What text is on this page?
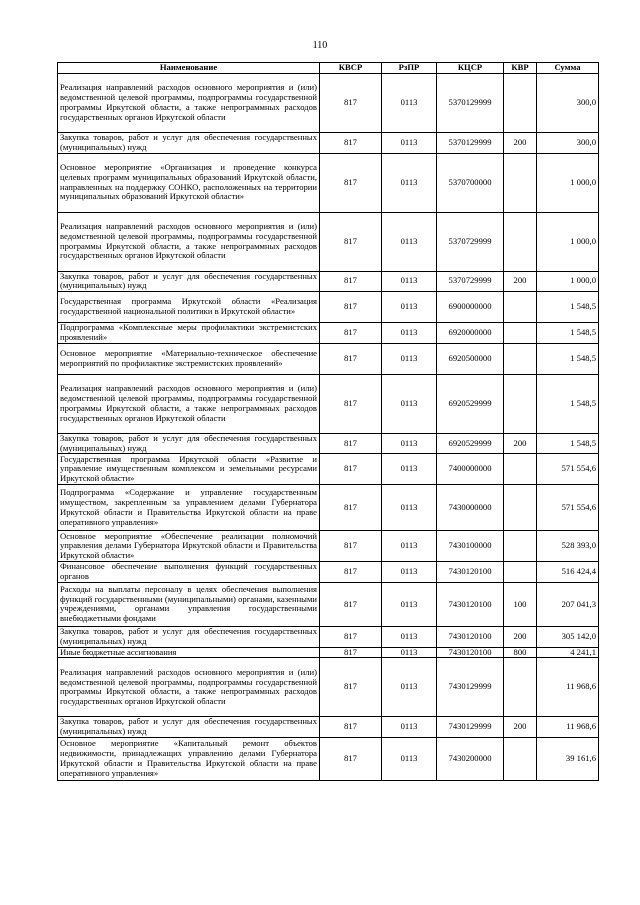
110
Наименование	КВСР	РзПР	КЦСР	КВР	Сумма
Реализация направлений расходов основного мероприятия и (или) ведомственной целевой программы, подпрограммы государственной программы Иркутской области, а также непрограммных расходов государственных органов Иркутской области	817	0113	5370129999		300,0
Закупка товаров, работ и услуг для обеспечения государственных (муниципальных) нужд	817	0113	5370129999	200	300,0
Основное мероприятие «Организация и проведение конкурса целевых программ муниципальных образований Иркутской области, направленных на поддержку СОНКО, расположенных на территории муниципальных образований Иркутской области»	817	0113	5370700000		1 000,0
Реализация направлений расходов основного мероприятия и (или) ведомственной целевой программы, подпрограммы государственной программы Иркутской области, а также непрограммных расходов государственных органов Иркутской области	817	0113	5370729999		1 000,0
Закупка товаров, работ и услуг для обеспечения государственных (муниципальных) нужд	817	0113	5370729999	200	1 000,0
Государственная программа Иркутской области «Реализация государственной национальной политики в Иркутской области»	817	0113	6900000000		1 548,5
Подпрограмма «Комплексные меры профилактики экстремистских проявлений»	817	0113	6920000000		1 548,5
Основное мероприятие «Материально-техническое обеспечение мероприятий по профилактике экстремистских проявлений»	817	0113	6920500000		1 548,5
Реализация направлений расходов основного мероприятия и (или) ведомственной целевой программы, подпрограммы государственной программы Иркутской области, а также непрограммных расходов государственных органов Иркутской области	817	0113	6920529999		1 548,5
Закупка товаров, работ и услуг для обеспечения государственных (муниципальных) нужд	817	0113	6920529999	200	1 548,5
Государственная программа Иркутской области «Развитие и управление имущественным комплексом и земельными ресурсами Иркутской области»	817	0113	7400000000		571 554,6
Подпрограмма «Содержание и управление государственным имуществом, закрепленным за управлением делами Губернатора Иркутской области и Правительства Иркутской области на праве оперативного управления»	817	0113	7430000000		571 554,6
Основное мероприятие «Обеспечение реализации полномочий управления делами Губернатора Иркутской области и Правительства Иркутской области»	817	0113	7430100000		528 393,0
Финансовое обеспечение выполнения функций государственных органов	817	0113	7430120100		516 424,4
Расходы на выплаты персоналу в целях обеспечения выполнения функций государственными (муниципальными) органами, казенными учреждениями, органами управления государственными внебюджетными фондами	817	0113	7430120100	100	207 041,3
Закупка товаров, работ и услуг для обеспечения государственных (муниципальных) нужд	817	0113	7430120100	200	305 142,0
Иные бюджетные ассигнования	817	0113	7430120100	800	4 241,1
Реализация направлений расходов основного мероприятия и (или) ведомственной целевой программы, подпрограммы государственной программы Иркутской области, а также непрограммных расходов государственных органов Иркутской области	817	0113	7430129999		11 968,6
Закупка товаров, работ и услуг для обеспечения государственных (муниципальных) нужд	817	0113	7430129999	200	11 968,6
Основное мероприятие «Капитальный ремонт объектов недвижимости, принадлежащих управлению делами Губернатора Иркутской области и Правительства Иркутской области на праве оперативного управления»	817	0113	7430200000		39 161,6
